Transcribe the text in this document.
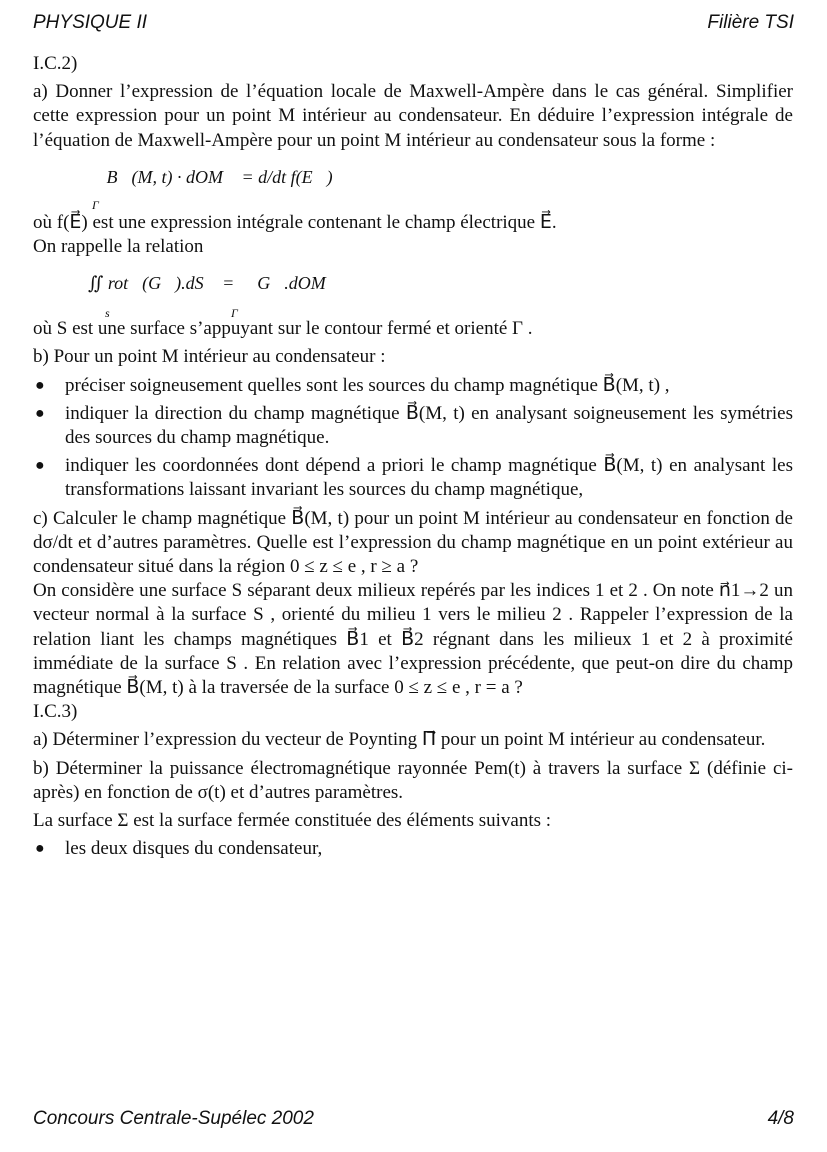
PHYSIQUE II	Filière TSI

I.C.2)

a) Donner l’expression de l’équation locale de Maxwell-Ampère dans le cas général. Simplifier cette expression pour un point M intérieur au condensateur. En déduire l’expression intégrale de l’équation de Maxwell-Ampère pour un point M intérieur au condensateur sous la forme :

∮ B⃗(M, t) · dOM⃗ = d/dt f(E⃗)
Γ

où f(E⃗) est une expression intégrale contenant le champ électrique E⃗.

On rappelle la relation

∬ rot⃗(G⃗).dS⃗ = ∮ G⃗.dOM⃗
s	Γ

où S est une surface s’appuyant sur le contour fermé et orienté Γ .

b) Pour un point M intérieur au condensateur :

●	préciser soigneusement quelles sont les sources du champ magnétique B⃗(M, t) ,
●	indiquer la direction du champ magnétique B⃗(M, t) en analysant soigneusement les symétries des sources du champ magnétique.
●	indiquer les coordonnées dont dépend a priori le champ magnétique B⃗(M, t) en analysant les transformations laissant invariant les sources du champ magnétique,

c) Calculer le champ magnétique B⃗(M, t) pour un point M intérieur au condensateur en fonction de dσ/dt et d’autres paramètres. Quelle est l’expression du champ magnétique en un point extérieur au condensateur situé dans la région 0 ≤ z ≤ e , r ≥ a ?

On considère une surface S séparant deux milieux repérés par les indices 1 et 2 . On note n⃗1→2 un vecteur normal à la surface S , orienté du milieu 1 vers le milieu 2 . Rappeler l’expression de la relation liant les champs magnétiques B⃗1 et B⃗2 régnant dans les milieux 1 et 2 à proximité immédiate de la surface S . En relation avec l’expression précédente, que peut-on dire du champ magnétique B⃗(M, t) à la traversée de la surface 0 ≤ z ≤ e , r = a ?

I.C.3)

a) Déterminer l’expression du vecteur de Poynting Π⃗ pour un point M intérieur au condensateur.

b) Déterminer la puissance électromagnétique rayonnée Pem(t) à travers la surface Σ (définie ci-après) en fonction de σ(t) et d’autres paramètres.

La surface Σ est la surface fermée constituée des éléments suivants :

●	les deux disques du condensateur,
Concours Centrale-Supélec 2002	4/8
